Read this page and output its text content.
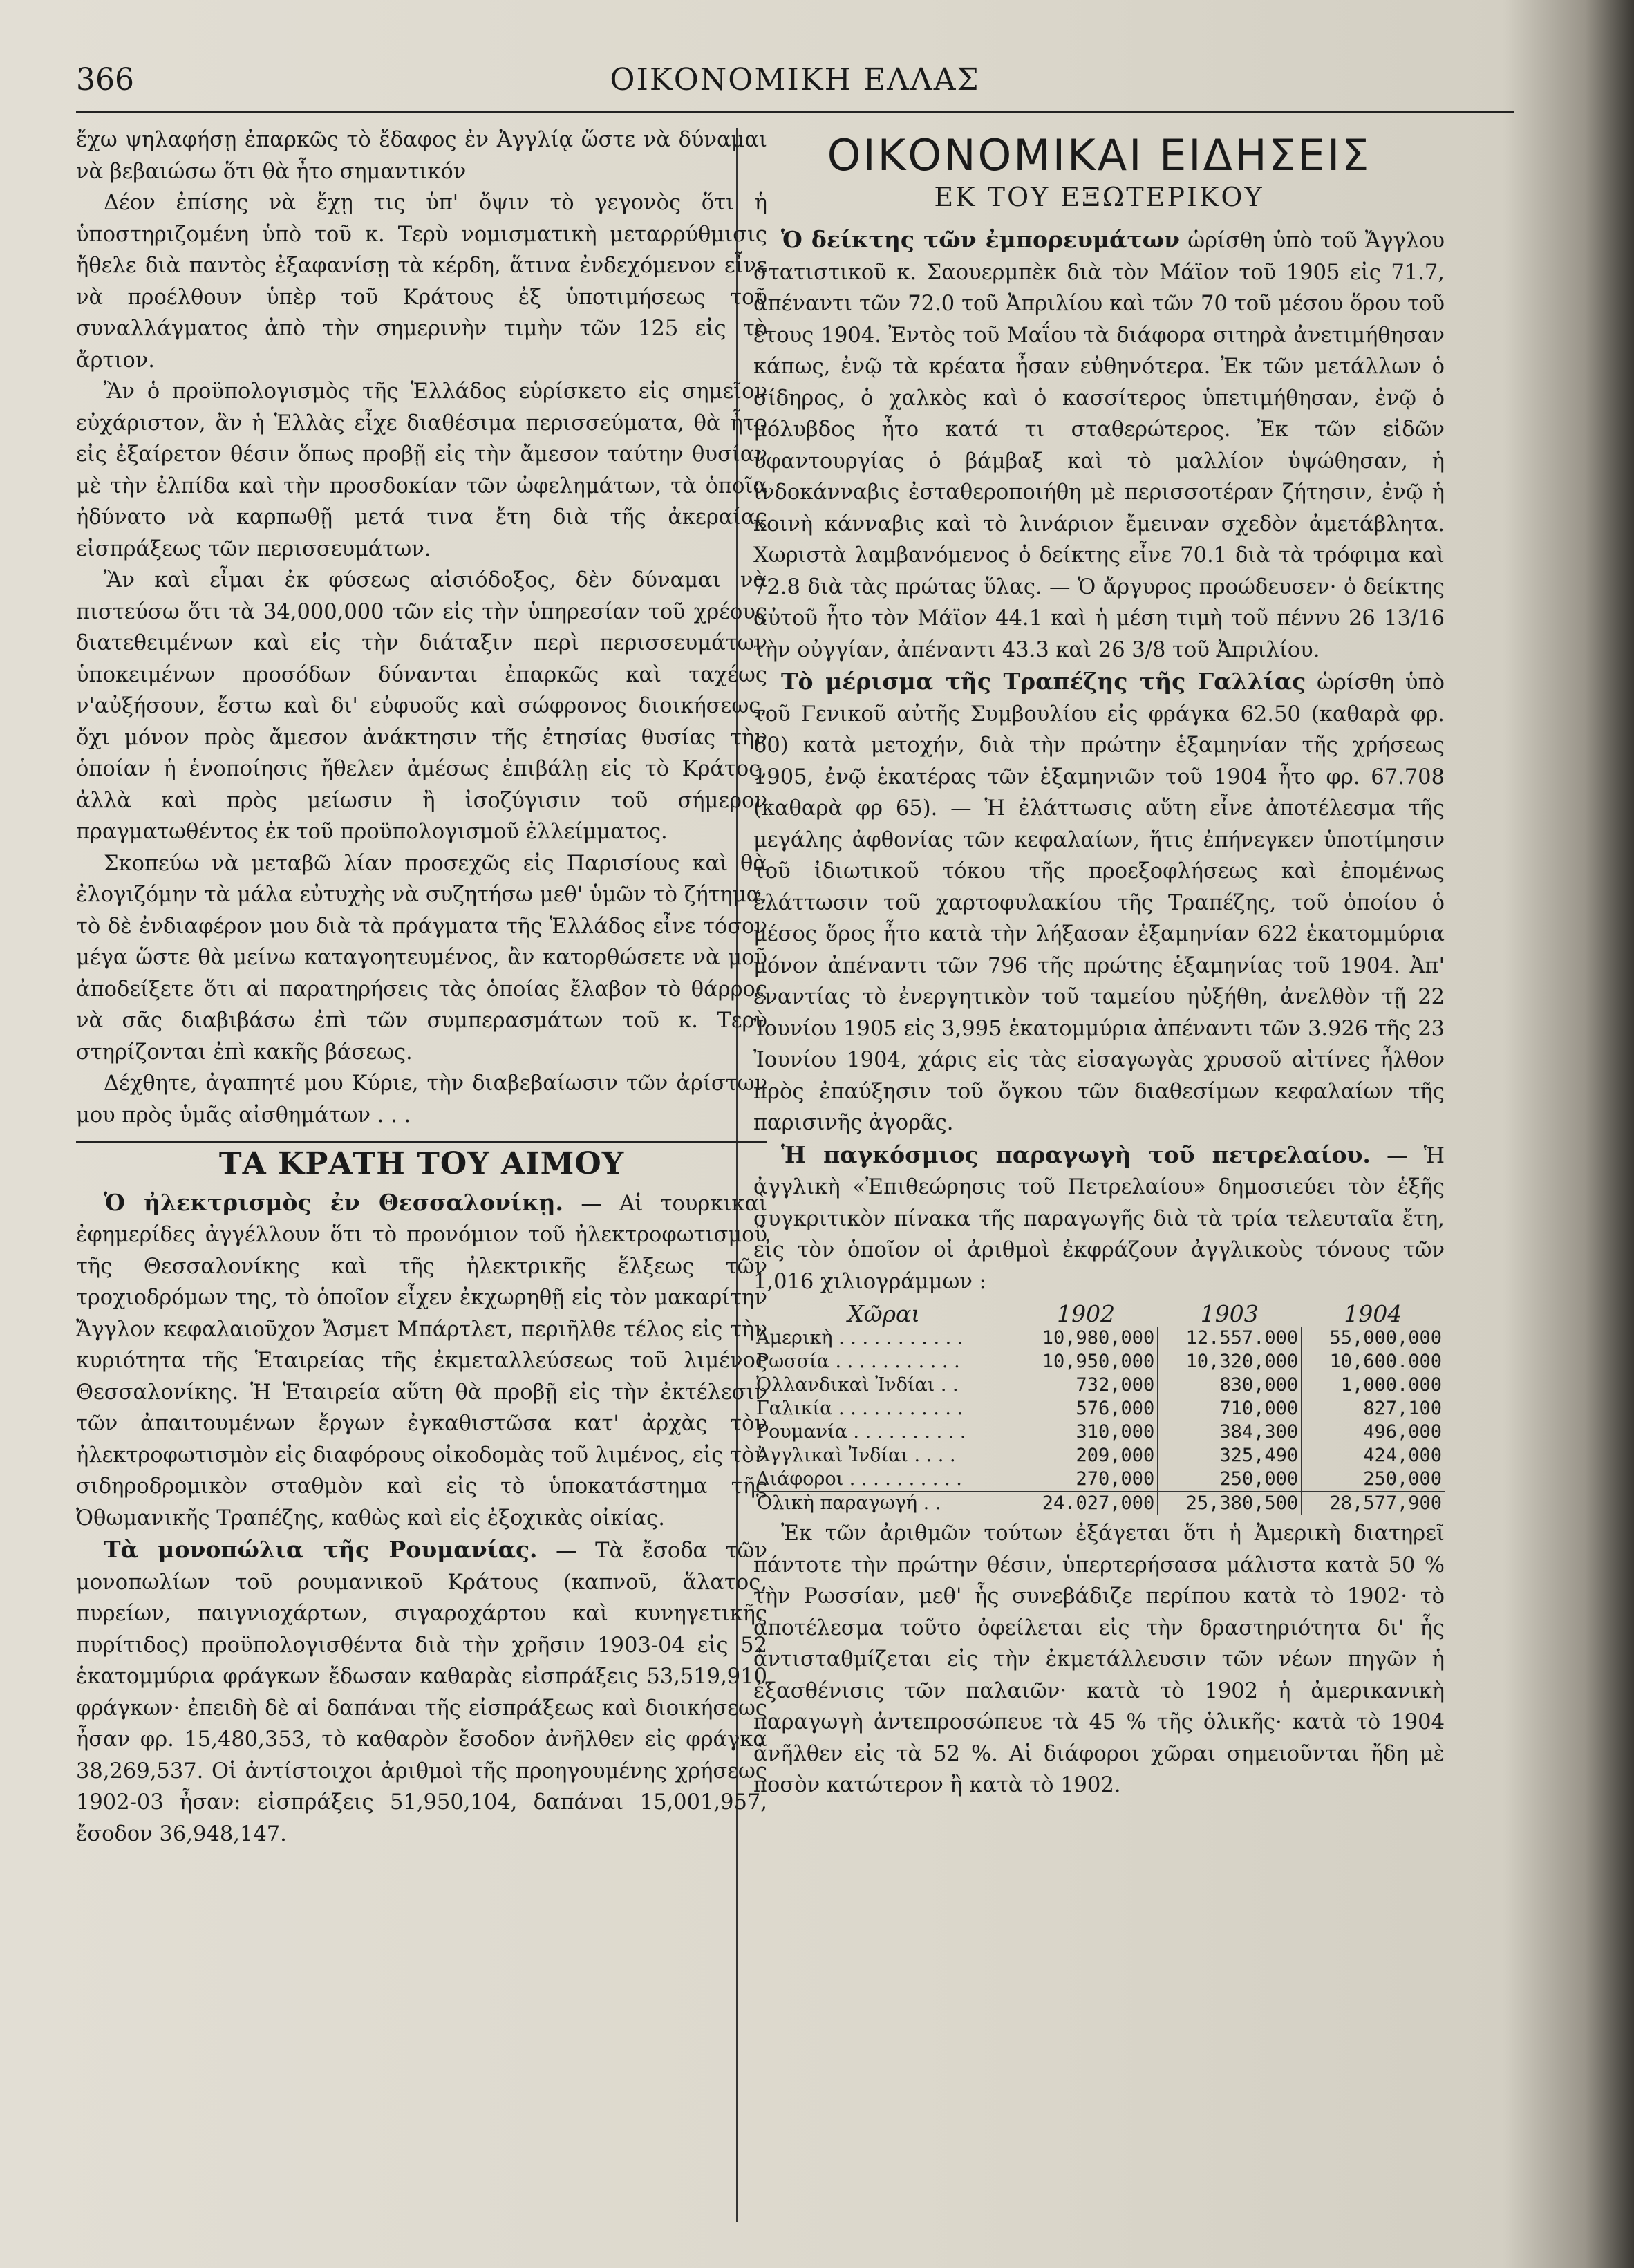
366	ΟΙΚΟΝΟΜΙΚΗ ΕΛΛΑΣ

ἔχω ψηλαφήσῃ ἐπαρκῶς τὸ ἔδαφος ἐν Ἀγγλίᾳ ὥστε νὰ δύναμαι νὰ βεβαιώσω ὅτι θὰ ἦτο σημαντικόν

Δέον ἐπίσης νὰ ἔχῃ τις ὑπ' ὄψιν τὸ γεγονὸς ὅτι ἡ ὑποστηριζομένη ὑπὸ τοῦ κ. Τερὺ νομισματικὴ μεταρρύθμισις ἤθελε διὰ παντὸς ἐξαφανίσῃ τὰ κέρδη, ἅτινα ἐνδεχόμενον εἶνε νὰ προέλθουν ὑπὲρ τοῦ Κράτους ἐξ ὑποτιμήσεως τοῦ συναλλάγματος ἀπὸ τὴν σημερινὴν τιμὴν τῶν 125 εἰς τὸ ἄρτιον.

Ἂν ὁ προϋπολογισμὸς τῆς Ἑλλάδος εὑρίσκετο εἰς σημεῖον εὐχάριστον, ἂν ἡ Ἑλλὰς εἶχε διαθέσιμα περισσεύματα, θὰ ἦτο εἰς ἐξαίρετον θέσιν ὅπως προβῇ εἰς τὴν ἄμεσον ταύτην θυσίαν μὲ τὴν ἐλπίδα καὶ τὴν προσδοκίαν τῶν ὠφελημάτων, τὰ ὁποῖα ἠδύνατο νὰ καρπωθῇ μετά τινα ἔτη διὰ τῆς ἀκεραίας εἰσπράξεως τῶν περισσευμάτων.

Ἂν καὶ εἶμαι ἐκ φύσεως αἰσιόδοξος, δὲν δύναμαι νὰ πιστεύσω ὅτι τὰ 34,000,000 τῶν εἰς τὴν ὑπηρεσίαν τοῦ χρέους διατεθειμένων καὶ εἰς τὴν διάταξιν περὶ περισσευμάτων ὑποκειμένων προσόδων δύνανται ἐπαρκῶς καὶ ταχέως ν'αὐξήσουν, ἔστω καὶ δι' εὐφυοῦς καὶ σώφρονος διοικήσεως, ὄχι μόνον πρὸς ἄμεσον ἀνάκτησιν τῆς ἐτησίας θυσίας τὴν ὁποίαν ἡ ἑνοποίησις ἤθελεν ἀμέσως ἐπιβάλῃ εἰς τὸ Κράτος, ἀλλὰ καὶ πρὸς μείωσιν ἢ ἰσοζύγισιν τοῦ σήμερον πραγματωθέντος ἐκ τοῦ προϋπολογισμοῦ ἐλλείμματος.

Σκοπεύω νὰ μεταβῶ λίαν προσεχῶς εἰς Παρισίους καὶ θὰ ἐλογιζόμην τὰ μάλα εὐτυχὴς νὰ συζητήσω μεθ' ὑμῶν τὸ ζήτημα, τὸ δὲ ἐνδιαφέρον μου διὰ τὰ πράγματα τῆς Ἑλλάδος εἶνε τόσον μέγα ὥστε θὰ μείνω καταγοητευμένος, ἂν κατορθώσετε νὰ μοῦ ἀποδείξετε ὅτι αἱ παρατηρήσεις τὰς ὁποίας ἔλαβον τὸ θάρρος νὰ σᾶς διαβιβάσω ἐπὶ τῶν συμπερασμάτων τοῦ κ. Τερὺ στηρίζονται ἐπὶ κακῆς βάσεως.

Δέχθητε, ἀγαπητέ μου Κύριε, τὴν διαβεβαίωσιν τῶν ἀρίστων μου πρὸς ὑμᾶς αἰσθημάτων . . .

ΤΑ ΚΡΑΤΗ ΤΟΥ ΑΙΜΟΥ

Ὁ ἠλεκτρισμὸς ἐν Θεσσαλονίκῃ. — Αἱ τουρκικαὶ ἐφημερίδες ἀγγέλλουν ὅτι τὸ προνόμιον τοῦ ἠλεκτροφωτισμοῦ τῆς Θεσσαλονίκης καὶ τῆς ἠλεκτρικῆς ἕλξεως τῶν τροχιοδρόμων της, τὸ ὁποῖον εἶχεν ἐκχωρηθῇ εἰς τὸν μακαρίτην Ἄγγλον κεφαλαιοῦχον Ἄσμετ Μπάρτλετ, περιῆλθε τέλος εἰς τὴν κυριότητα τῆς Ἑταιρείας τῆς ἐκμεταλλεύσεως τοῦ λιμένος Θεσσαλονίκης. Ἡ Ἑταιρεία αὕτη θὰ προβῇ εἰς τὴν ἐκτέλεσιν τῶν ἀπαιτουμένων ἔργων ἐγκαθιστῶσα κατ' ἀρχὰς τὸν ἠλεκτροφωτισμὸν εἰς διαφόρους οἰκοδομὰς τοῦ λιμένος, εἰς τὸν σιδηροδρομικὸν σταθμὸν καὶ εἰς τὸ ὑποκατάστημα τῆς Ὀθωμανικῆς Τραπέζης, καθὼς καὶ εἰς ἐξοχικὰς οἰκίας.

Τὰ μονοπώλια τῆς Ρουμανίας. — Τὰ ἔσοδα τῶν μονοπωλίων τοῦ ρουμανικοῦ Κράτους (καπνοῦ, ἅλατος, πυρείων, παιγνιοχάρτων, σιγαροχάρτου καὶ κυνηγετικῆς πυρίτιδος) προϋπολογισθέντα διὰ τὴν χρῆσιν 1903-04 εἰς 52 ἑκατομμύρια φράγκων ἔδωσαν καθαρὰς εἰσπράξεις 53,519,910 φράγκων· ἐπειδὴ δὲ αἱ δαπάναι τῆς εἰσπράξεως καὶ διοικήσεως ἦσαν φρ. 15,480,353, τὸ καθαρὸν ἔσοδον ἀνῆλθεν εἰς φράγκα 38,269,537. Οἱ ἀντίστοιχοι ἀριθμοὶ τῆς προηγουμένης χρήσεως 1902-03 ἦσαν: εἰσπράξεις 51,950,104, δαπάναι 15,001,957, ἔσοδον 36,948,147.

ΟΙΚΟΝΟΜΙΚΑΙ ΕΙΔΗΣΕΙΣ
ΕΚ ΤΟΥ ΕΞΩΤΕΡΙΚΟΥ

Ὁ δείκτης τῶν ἐμπορευμάτων ὡρίσθη ὑπὸ τοῦ Ἄγγλου στατιστικοῦ κ. Σαουερμπὲκ διὰ τὸν Μάϊον τοῦ 1905 εἰς 71.7, ἀπέναντι τῶν 72.0 τοῦ Ἀπριλίου καὶ τῶν 70 τοῦ μέσου ὅρου τοῦ ἔτους 1904. Ἐντὸς τοῦ Μαΐου τὰ διάφορα σιτηρὰ ἀνετιμήθησαν κάπως, ἐνῷ τὰ κρέατα ἦσαν εὐθηνότερα. Ἐκ τῶν μετάλλων ὁ σίδηρος, ὁ χαλκὸς καὶ ὁ κασσίτερος ὑπετιμήθησαν, ἐνῷ ὁ μόλυβδος ἦτο κατά τι σταθερώτερος. Ἐκ τῶν εἰδῶν ὑφαντουργίας ὁ βάμβαξ καὶ τὸ μαλλίον ὑψώθησαν, ἡ ἰνδοκάνναβις ἐσταθεροποιήθη μὲ περισσοτέραν ζήτησιν, ἐνῷ ἡ κοινὴ κάνναβις καὶ τὸ λινάριον ἔμειναν σχεδὸν ἀμετάβλητα. Χωριστὰ λαμβανόμενος ὁ δείκτης εἶνε 70.1 διὰ τὰ τρόφιμα καὶ 72.8 διὰ τὰς πρώτας ὕλας. — Ὁ ἄργυρος προώδευσεν· ὁ δείκτης αὐτοῦ ἦτο τὸν Μάϊον 44.1 καὶ ἡ μέση τιμὴ τοῦ πέννυ 26 13/16 τὴν οὐγγίαν, ἀπέναντι 43.3 καὶ 26 3/8 τοῦ Ἀπριλίου.

Τὸ μέρισμα τῆς Τραπέζης τῆς Γαλλίας ὡρίσθη ὑπὸ τοῦ Γενικοῦ αὐτῆς Συμβουλίου εἰς φράγκα 62.50 (καθαρὰ φρ. 60) κατὰ μετοχήν, διὰ τὴν πρώτην ἑξαμηνίαν τῆς χρήσεως 1905, ἐνῷ ἑκατέρας τῶν ἑξαμηνιῶν τοῦ 1904 ἦτο φρ. 67.708 (καθαρὰ φρ 65). — Ἡ ἐλάττωσις αὕτη εἶνε ἀποτέλεσμα τῆς μεγάλης ἀφθονίας τῶν κεφαλαίων, ἥτις ἐπήνεγκεν ὑποτίμησιν τοῦ ἰδιωτικοῦ τόκου τῆς προεξοφλήσεως καὶ ἐπομένως ἐλάττωσιν τοῦ χαρτοφυλακίου τῆς Τραπέζης, τοῦ ὁποίου ὁ μέσος ὅρος ἦτο κατὰ τὴν λήξασαν ἑξαμηνίαν 622 ἑκατομμύρια μόνον ἀπέναντι τῶν 796 τῆς πρώτης ἑξαμηνίας τοῦ 1904. Ἀπ' ἐναντίας τὸ ἐνεργητικὸν τοῦ ταμείου ηὐξήθη, ἀνελθὸν τῇ 22 Ἰουνίου 1905 εἰς 3,995 ἑκατομμύρια ἀπέναντι τῶν 3.926 τῆς 23 Ἰουνίου 1904, χάρις εἰς τὰς εἰσαγωγὰς χρυσοῦ αἰτίνες ἦλθον πρὸς ἐπαύξησιν τοῦ ὄγκου τῶν διαθεσίμων κεφαλαίων τῆς παρισινῆς ἀγορᾶς.

Ἡ παγκόσμιος παραγωγὴ τοῦ πετρελαίου. — Ἡ ἀγγλικὴ «Ἐπιθεώρησις τοῦ Πετρελαίου» δημοσιεύει τὸν ἑξῆς συγκριτικὸν πίνακα τῆς παραγωγῆς διὰ τὰ τρία τελευταῖα ἔτη, εἰς τὸν ὁποῖον οἱ ἀριθμοὶ ἐκφράζουν ἀγγλικοὺς τόνους τῶν 1,016 χιλιογράμμων :

Χῶραι	1902	1903	1904
Ἀμερικὴ . . . . . . . . . . .	10,980,000	12.557.000	55,000,000
Ρωσσία . . . . . . . . . . .	10,950,000	10,320,000	10,600.000
Ὀλλανδικαὶ Ἰνδίαι . .	732,000	830,000	1,000.000
Γαλικία . . . . . . . . . . .	576,000	710,000	827,100
Ρουμανία . . . . . . . . . .	310,000	384,300	496,000
Ἀγγλικαὶ Ἰνδίαι . . . .	209,000	325,490	424,000
Διάφοροι . . . . . . . . . .	270,000	250,000	250,000
Ὁλικὴ παραγωγή . .	24.027,000	25,380,500	28,577,900

Ἐκ τῶν ἀριθμῶν τούτων ἐξάγεται ὅτι ἡ Ἀμερικὴ διατηρεῖ πάντοτε τὴν πρώτην θέσιν, ὑπερτερήσασα μάλιστα κατὰ 50 % τὴν Ρωσσίαν, μεθ' ἧς συνεβάδιζε περίπου κατὰ τὸ 1902· τὸ ἀποτέλεσμα τοῦτο ὀφείλεται εἰς τὴν δραστηριότητα δι' ἧς ἀντισταθμίζεται εἰς τὴν ἐκμετάλλευσιν τῶν νέων πηγῶν ἡ ἐξασθένισις τῶν παλαιῶν· κατὰ τὸ 1902 ἡ ἀμερικανικὴ παραγωγὴ ἀντεπροσώπευε τὰ 45 % τῆς ὁλικῆς· κατὰ τὸ 1904 ἀνῆλθεν εἰς τὰ 52 %. Αἱ διάφοροι χῶραι σημειοῦνται ἤδη μὲ ποσὸν κατώτερον ἢ κατὰ τὸ 1902.
